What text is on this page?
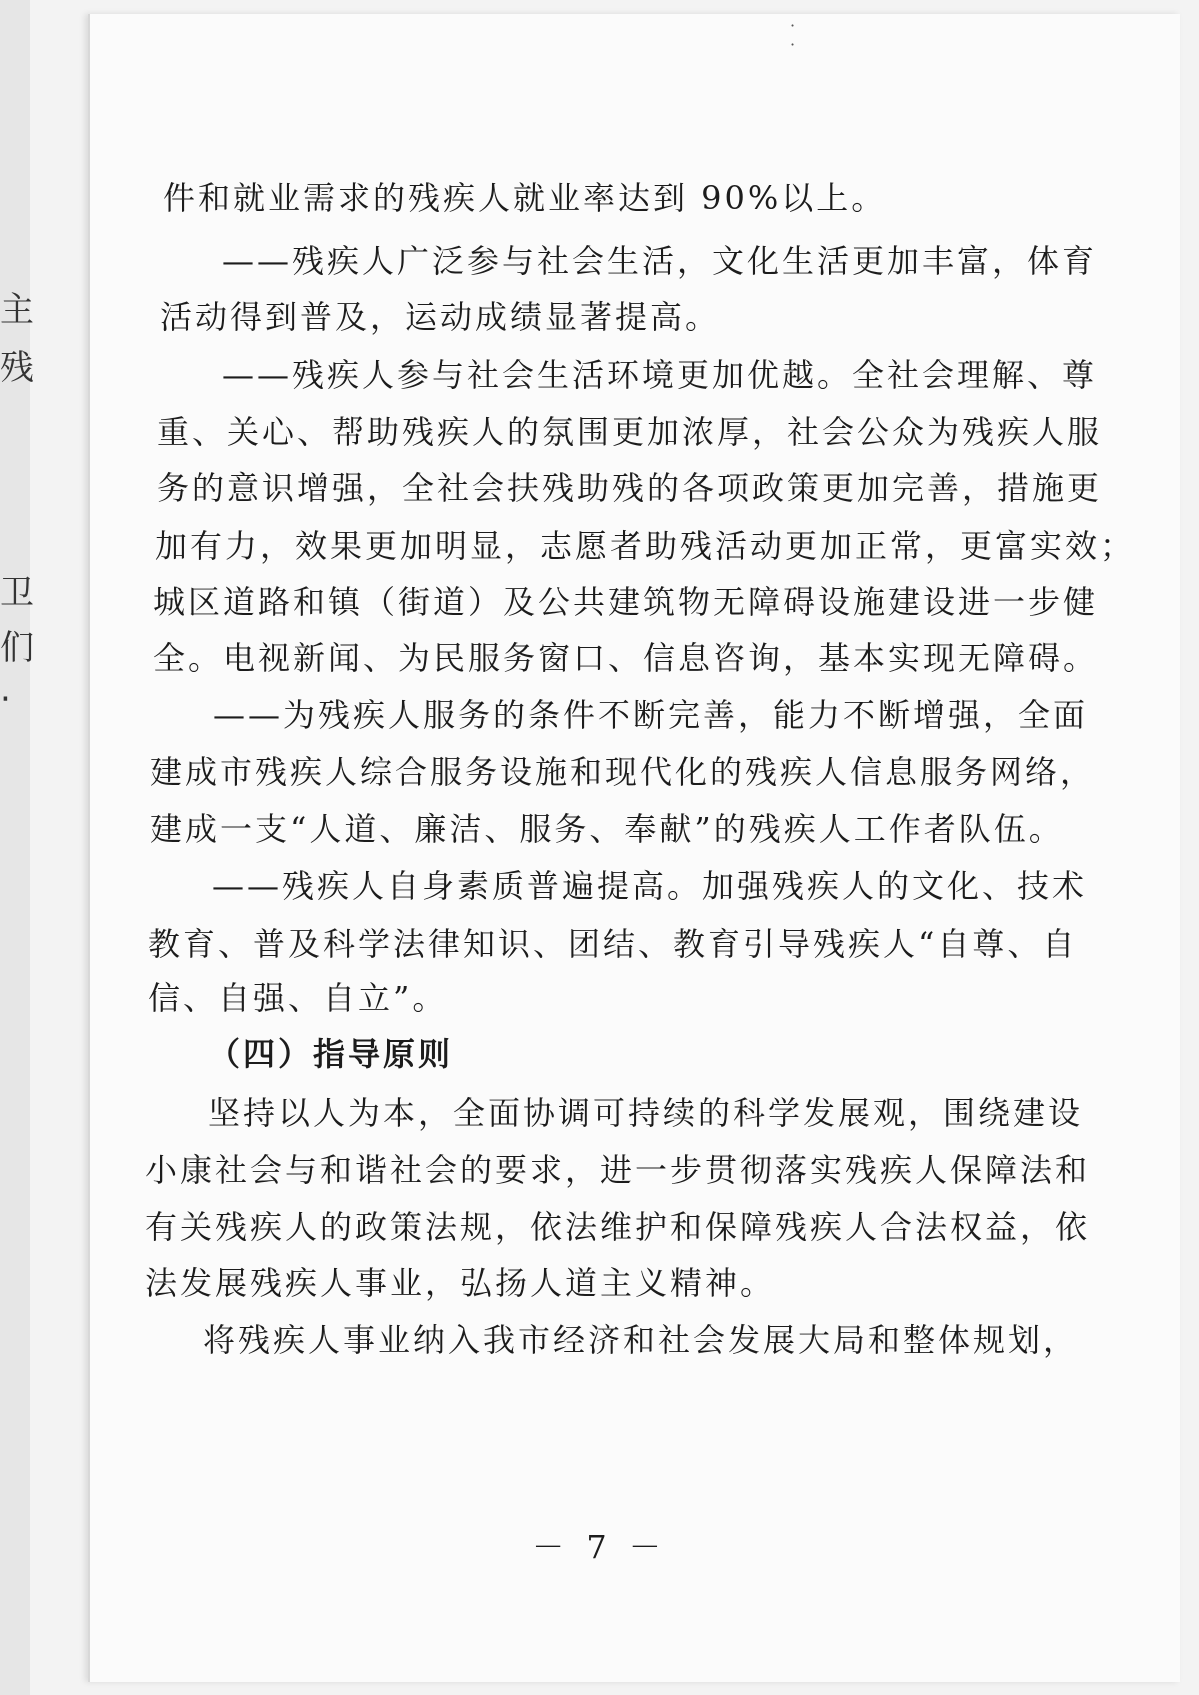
主
残
卫
们
‧
· ·
件和就业需求的残疾人就业率达到 90%以上。
——残疾人广泛参与社会生活，文化生活更加丰富，体育
活动得到普及，运动成绩显著提高。
——残疾人参与社会生活环境更加优越。全社会理解、尊
重、关心、帮助残疾人的氛围更加浓厚，社会公众为残疾人服
务的意识增强，全社会扶残助残的各项政策更加完善，措施更
加有力，效果更加明显，志愿者助残活动更加正常，更富实效；
城区道路和镇（街道）及公共建筑物无障碍设施建设进一步健
全。电视新闻、为民服务窗口、信息咨询，基本实现无障碍。
——为残疾人服务的条件不断完善，能力不断增强，全面
建成市残疾人综合服务设施和现代化的残疾人信息服务网络，
建成一支“人道、廉洁、服务、奉献”的残疾人工作者队伍。
——残疾人自身素质普遍提高。加强残疾人的文化、技术
教育、普及科学法律知识、团结、教育引导残疾人“自尊、自
信、自强、自立”。
（四）指导原则
坚持以人为本，全面协调可持续的科学发展观，围绕建设
小康社会与和谐社会的要求，进一步贯彻落实残疾人保障法和
有关残疾人的政策法规，依法维护和保障残疾人合法权益，依
法发展残疾人事业，弘扬人道主义精神。
将残疾人事业纳入我市经济和社会发展大局和整体规划，
－ 7 －
